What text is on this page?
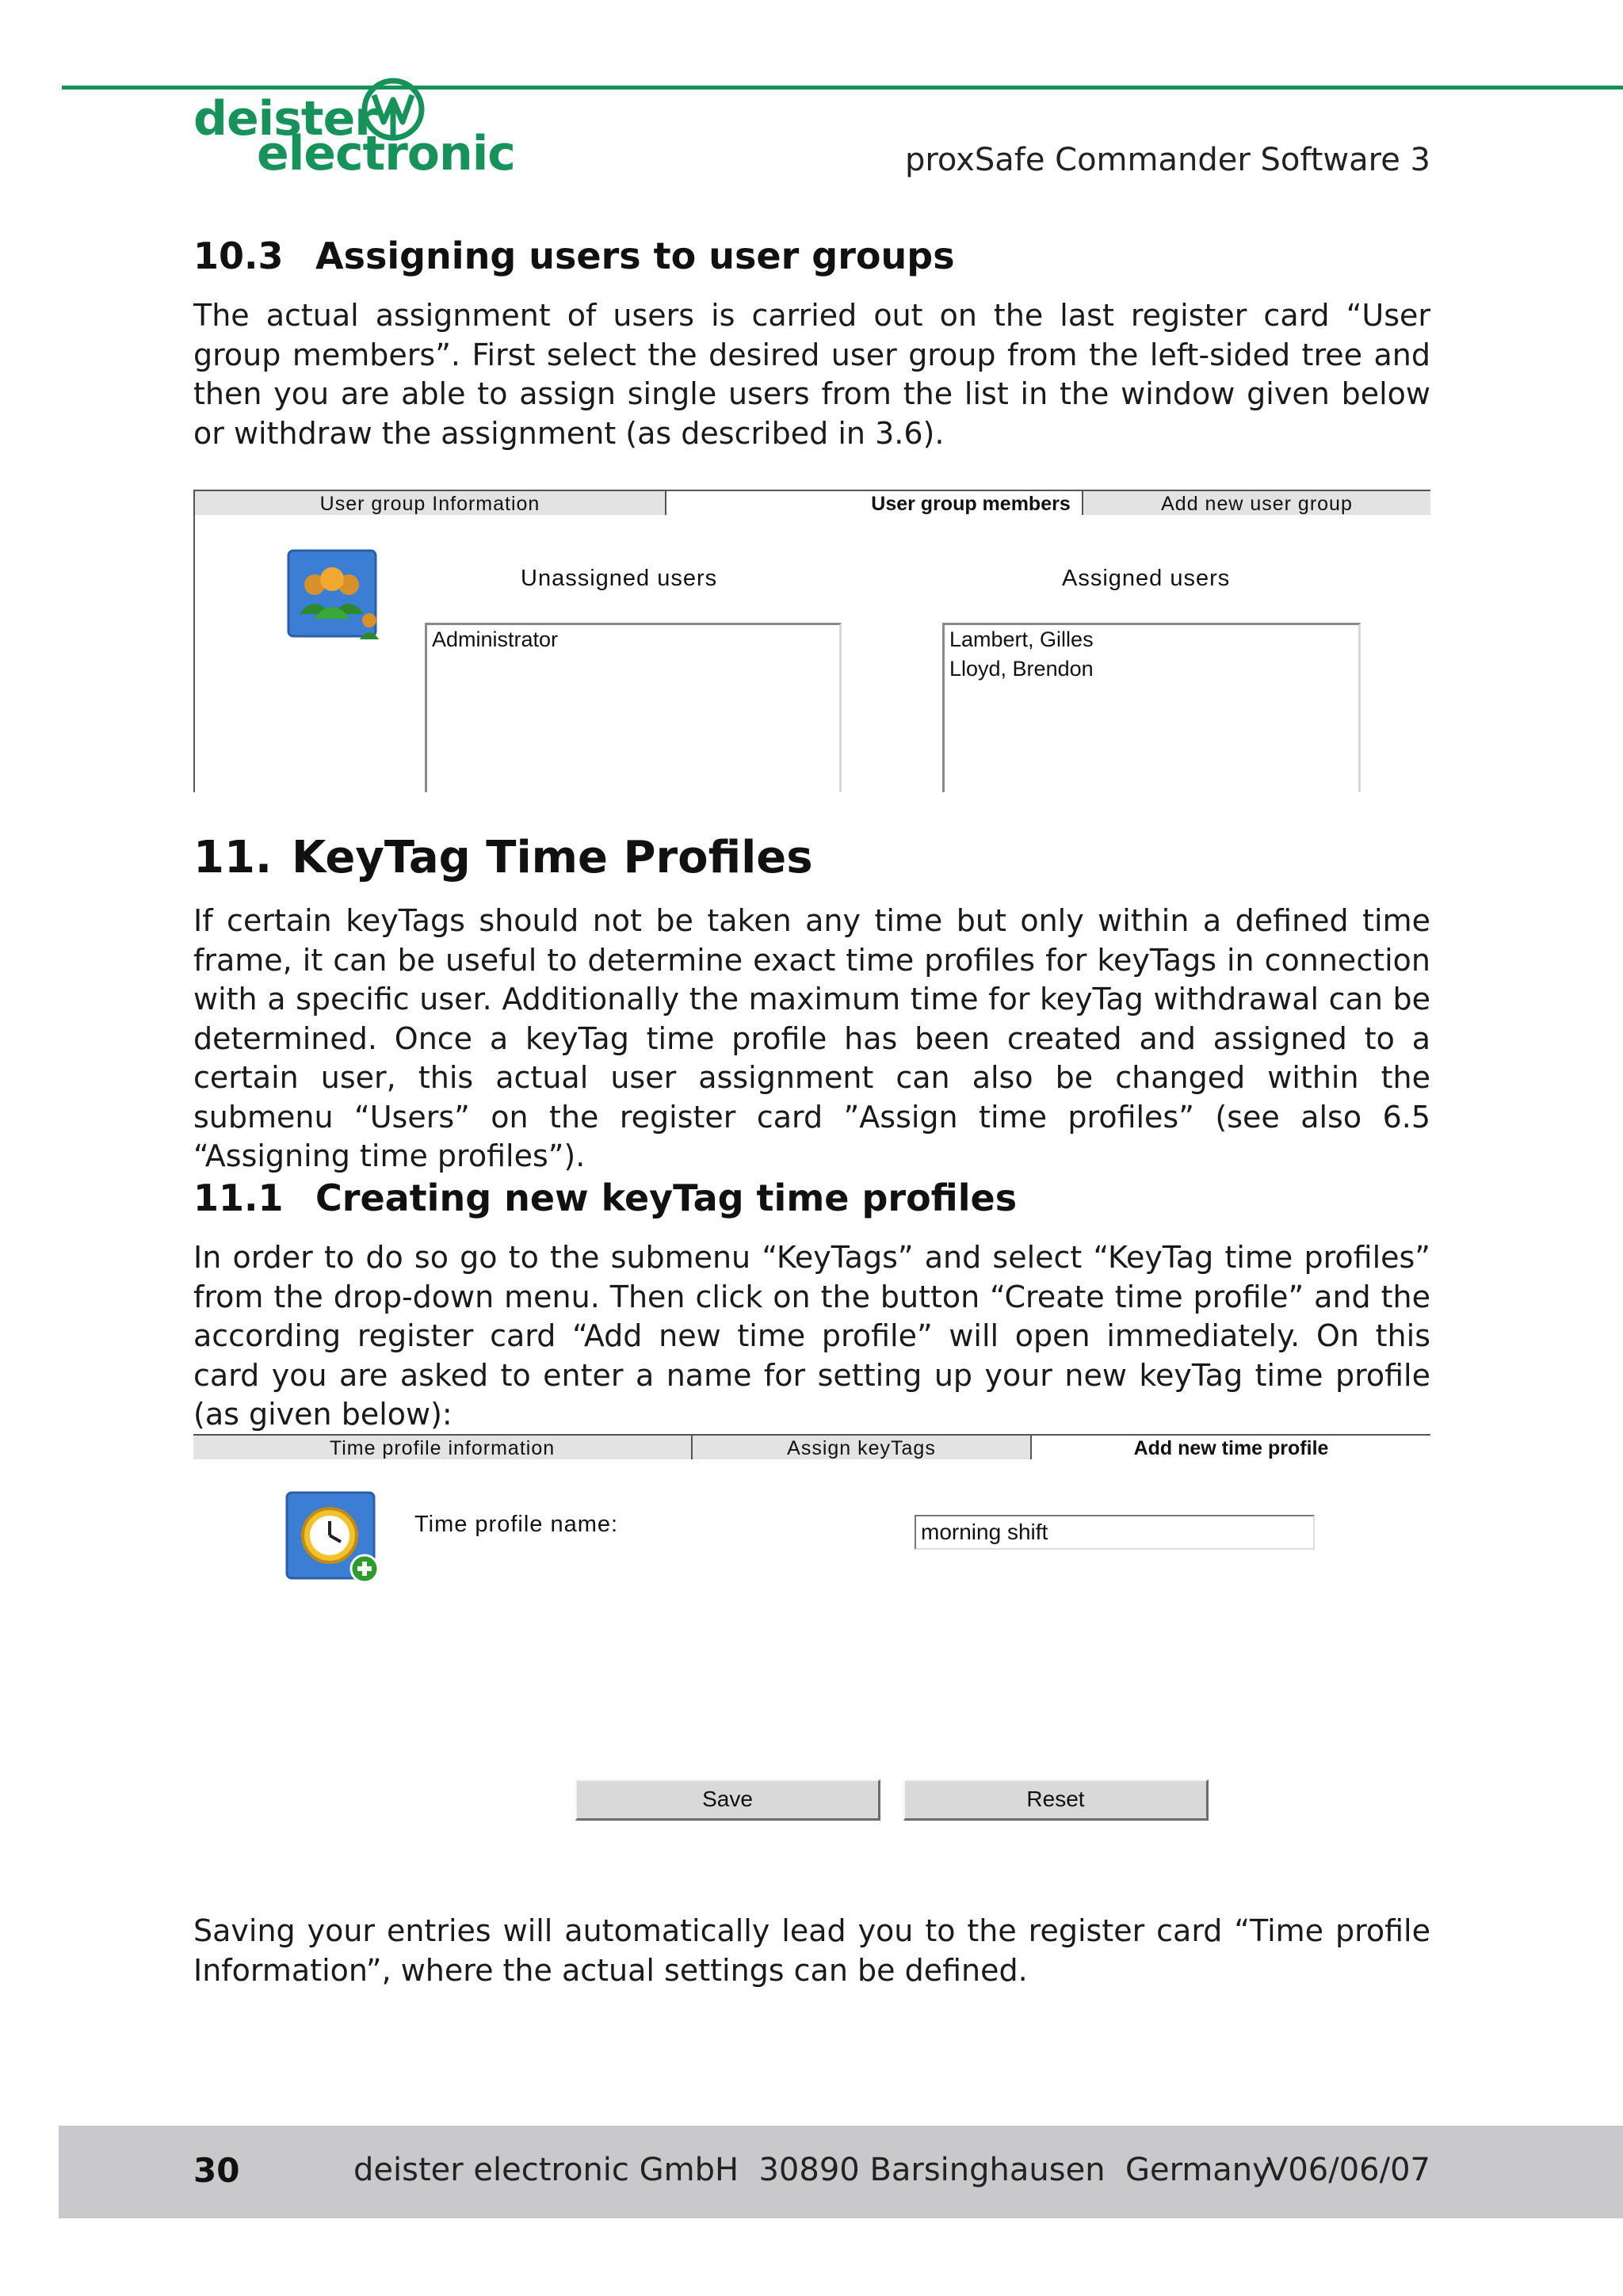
deister
electronic	proxSafe Commander Software 3
10.3 Assigning users to user groups
The actual assignment of users is carried out on the last register card “User group members”. First select the desired user group from the left-sided tree and then you are able to assign single users from the list in the window given below or withdraw the assignment (as described in 3.6).
User group Information	User group members	Add new user group
Unassigned users	Assigned users
Administrator	Lambert, Gilles
Lloyd, Brendon
11. KeyTag Time Profiles
If certain keyTags should not be taken any time but only within a defined time frame, it can be useful to determine exact time profiles for keyTags in connection with a specific user. Additionally the maximum time for keyTag withdrawal can be determined. Once a keyTag time profile has been created and assigned to a certain user, this actual user assignment can also be changed within the submenu “Users” on the register card ”Assign time profiles” (see also 6.5 “Assigning time profiles”).
11.1 Creating new keyTag time profiles
In order to do so go to the submenu “KeyTags” and select “KeyTag time profiles” from the drop-down menu. Then click on the button “Create time profile” and the according register card “Add new time profile” will open immediately. On this card you are asked to enter a name for setting up your new keyTag time profile (as given below):
Time profile information	Assign keyTags	Add new time profile
Time profile name:	morning shift
Save	Reset
Saving your entries will automatically lead you to the register card “Time profile Information”, where the actual settings can be defined.
30	deister electronic GmbH  30890 Barsinghausen  Germany
V06/06/07
